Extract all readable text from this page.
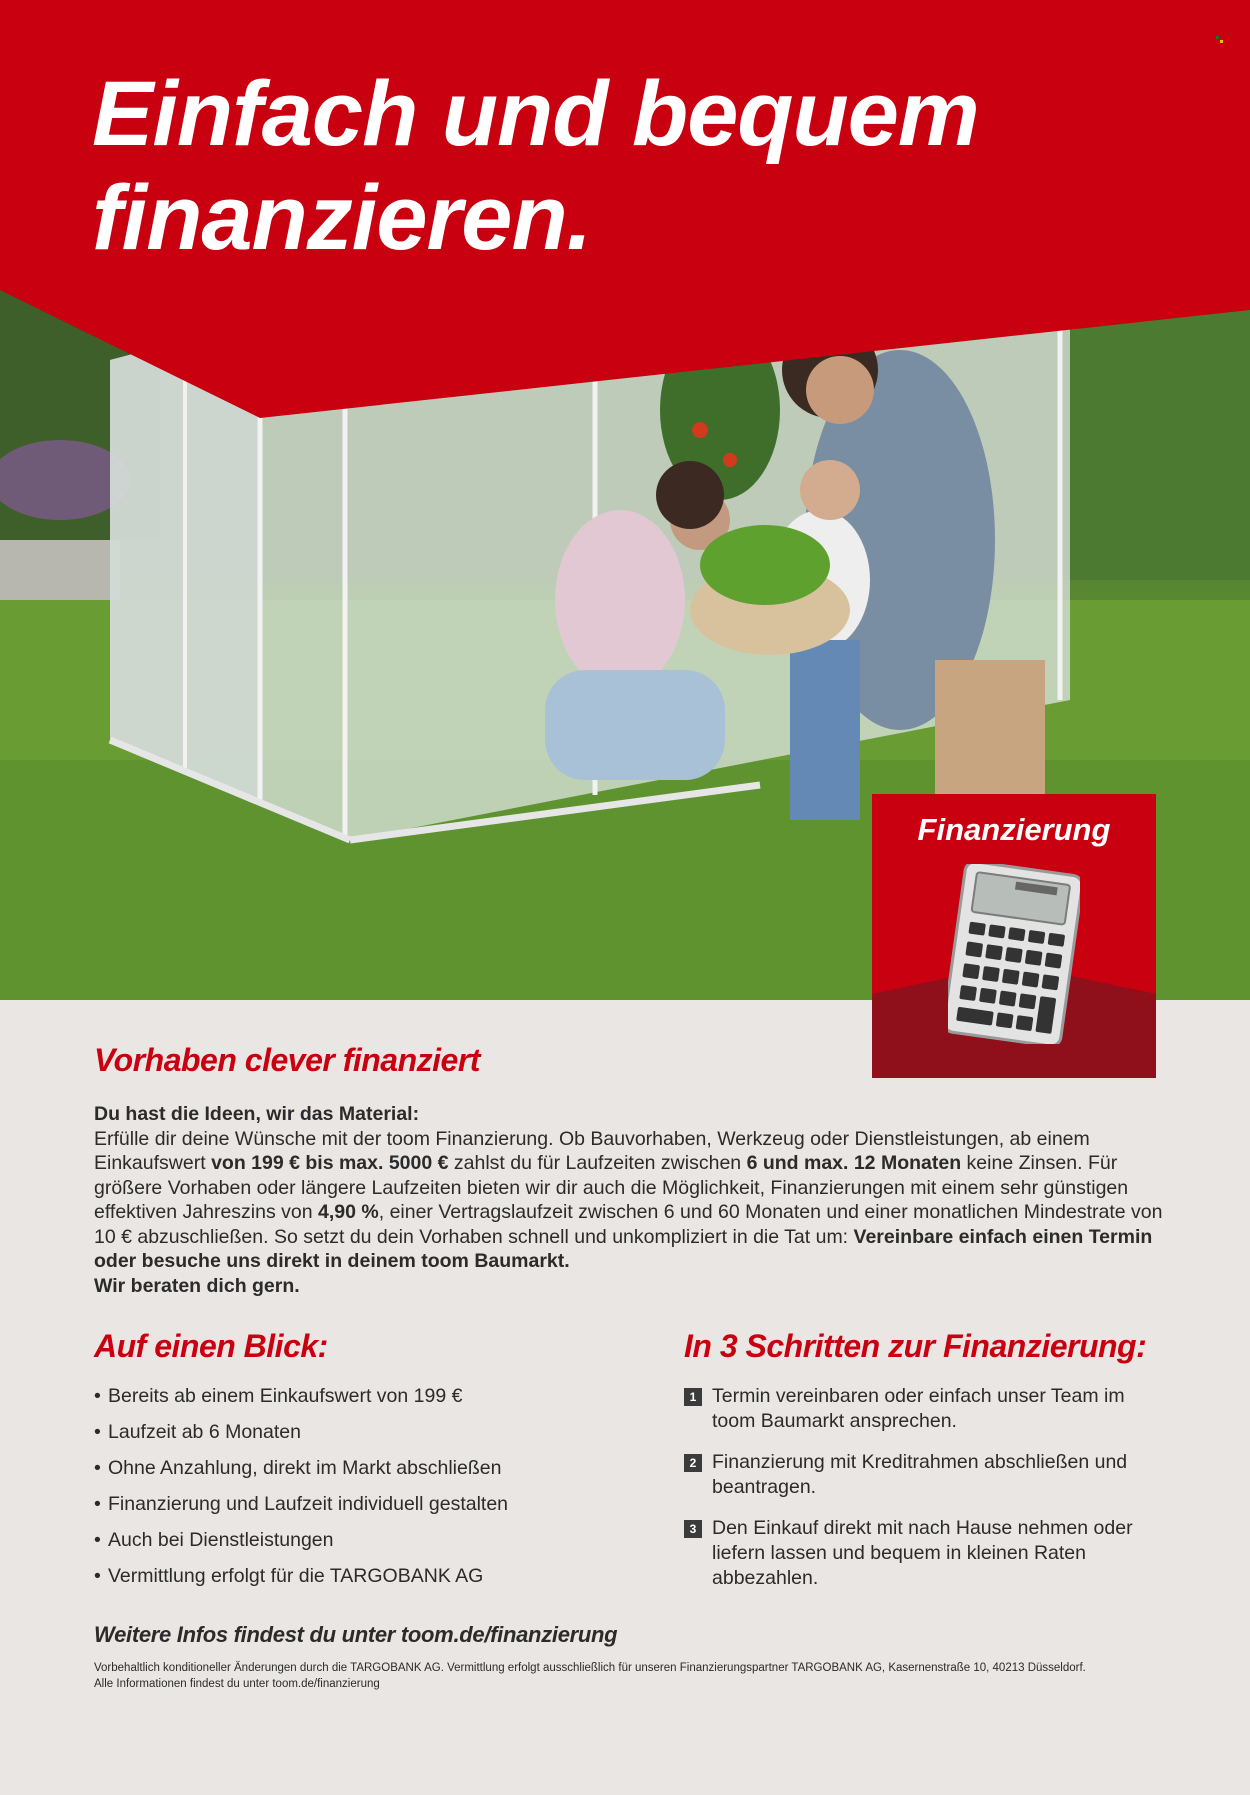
Einfach und bequem
finanzieren.
Finanzierung
Vorhaben clever finanziert

Du hast die Ideen, wir das Material:

Erfülle dir deine Wünsche mit der toom Finanzierung. Ob Bauvorhaben, Werkzeug oder Dienstleistungen, ab einem Einkaufswert von 199 € bis max. 5000 € zahlst du für Laufzeiten zwischen 6 und max. 12 Monaten keine Zinsen. Für größere Vorhaben oder längere Laufzeiten bieten wir dir auch die Möglichkeit, Finanzierungen mit einem sehr günstigen effektiven Jahreszins von 4,90 %, einer Vertragslaufzeit zwischen 6 und 60 Monaten und einer monatlichen Mindestrate von 10 € abzuschließen. So setzt du dein Vorhaben schnell und unkompliziert in die Tat um: Vereinbare einfach einen Termin oder besuche uns direkt in deinem toom Baumarkt.

Wir beraten dich gern.

Auf einen Blick:
• Bereits ab einem Einkaufswert von 199 €
• Laufzeit ab 6 Monaten
• Ohne Anzahlung, direkt im Markt abschließen
• Finanzierung und Laufzeit individuell gestalten
• Auch bei Dienstleistungen
• Vermittlung erfolgt für die TARGOBANK AG
In 3 Schritten zur Finanzierung:
1 Termin vereinbaren oder einfach unser Team im toom Baumarkt ansprechen.
2 Finanzierung mit Kreditrahmen abschließen und beantragen.
3 Den Einkauf direkt mit nach Hause nehmen oder liefern lassen und bequem in kleinen Raten abbezahlen.

Weitere Infos findest du unter toom.de/finanzierung

Vorbehaltlich konditioneller Änderungen durch die TARGOBANK AG. Vermittlung erfolgt ausschließlich für unseren Finanzierungspartner TARGOBANK AG, Kasernenstraße 10, 40213 Düsseldorf.
Alle Informationen findest du unter toom.de/finanzierung
